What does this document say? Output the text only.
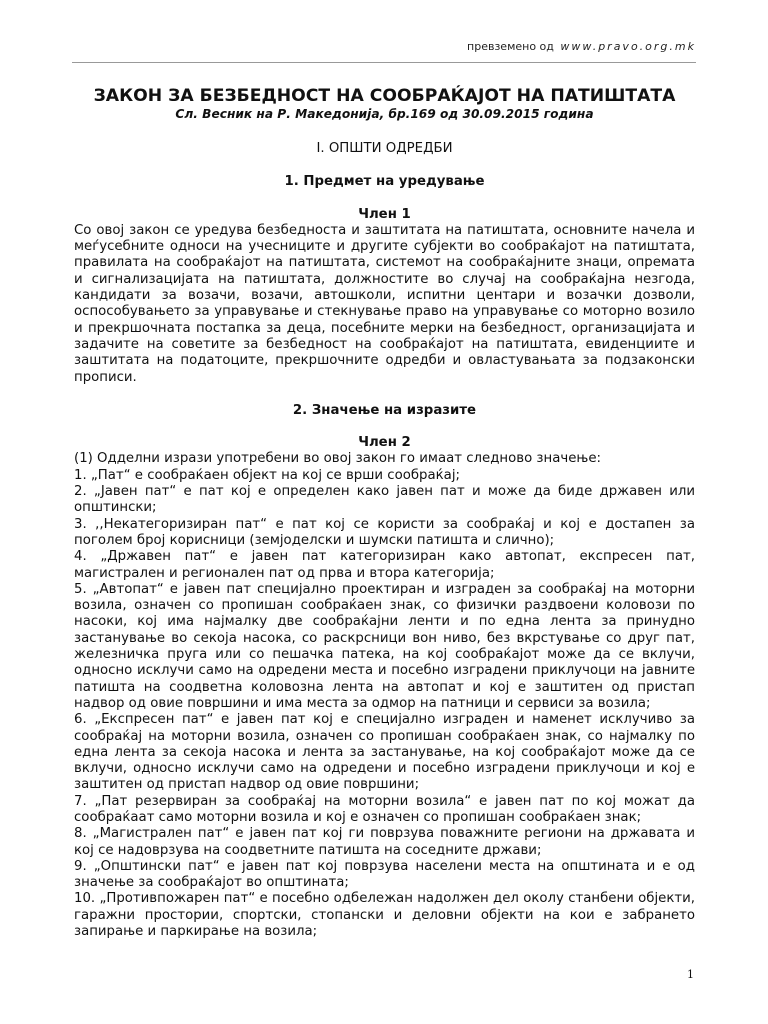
превземено од www.pravo.org.mk

ЗАКОН ЗА БЕЗБЕДНОСТ НА СООБРАЌАЈОТ НА ПАТИШТАТА

Сл. Весник на Р. Македонија, бр.169 од 30.09.2015 година

I. ОПШТИ ОДРЕДБИ
1. Предмет на уредување
Член 1

Со овој закон се уредува безбедноста и заштитата на патиштата, основните начела и меѓусебните односи на учесниците и другите субјекти во сообраќајот на патиштата, правилата на сообраќајот на патиштата, системот на сообраќајните знаци, опремата и сигнализацијата на патиштата, должностите во случај на сообраќајна незгода, кандидати за возачи, возачи, автошколи, испитни центари и возачки дозволи, оспособувањето за управување и стекнување право на управување со моторно возило и прекршочната постапка за деца, посебните мерки на безбедност, организацијата и задачите на советите за безбедност на сообраќајот на патиштата, евиденциите и заштитата на податоците, прекршочните одредби и овластувањата за подзаконски прописи.

2. Значење на изразите
Член 2

(1) Одделни изрази употребени во овој закон го имаат следново значење:

1. „Пат“ е сообраќаен објект на кој се врши сообраќај;
2. „Јавен пат“ е пат кој е определен како јавен пат и може да биде државен или општински;
3. ,,Некатегоризиран пат“ е пат кој се користи за сообраќај и кој е достапен за поголем број корисници (земјоделски и шумски патишта и слично);
4. „Државен пат“ е јавен пат категоризиран како автопат, експресен пат, магистрален и регионален пат од прва и втора категорија;
5. „Автопат“ е јавен пат специјално проектиран и изграден за сообраќај на моторни возила, означен со пропишан сообраќаен знак, со физички раздвоени коловози по насоки, кој има најмалку две сообраќајни ленти и по една лента за принудно застанување во секоја насока, со раскрсници вон ниво, без вкрстување со друг пат, железничка пруга или со пешачка патека, на кој сообраќајот може да се вклучи, односно исклучи само на одредени места и посебно изградени приклучоци на јавните патишта на соодветна коловозна лента на автопат и кој е заштитен од пристап надвор од овие површини и има места за одмор на патници и сервиси за возила;
6. „Експресен пат“ е јавен пат кој е специјално изграден и наменет исклучиво за сообраќај на моторни возила, означен со пропишан сообраќаен знак, со најмалку по една лента за секоја насока и лента за застанување, на кој сообраќајот може да се вклучи, односно исклучи само на одредени и посебно изградени приклучоци и кој е заштитен од пристап надвор од овие површини;
7. „Пат резервиран за сообраќај на моторни возила“ е јавен пат по кој можат да сообраќаат само моторни возила и кој е означен со пропишан сообраќаен знак;
8. „Магистрален пат“ е јавен пат кој ги поврзува поважните региони на државата и кој се надоврзува на соодветните патишта на соседните држави;
9. „Општински пат“ е јавен пат кој поврзува населени места на општината и е од значење за сообраќајот во општината;
10. „Противпожарен пат“ е посебно одбележан надолжен дел околу станбени објекти, гаражни простории, спортски, стопански и деловни објекти на кои е забрането запирање и паркирање на возила;
1
